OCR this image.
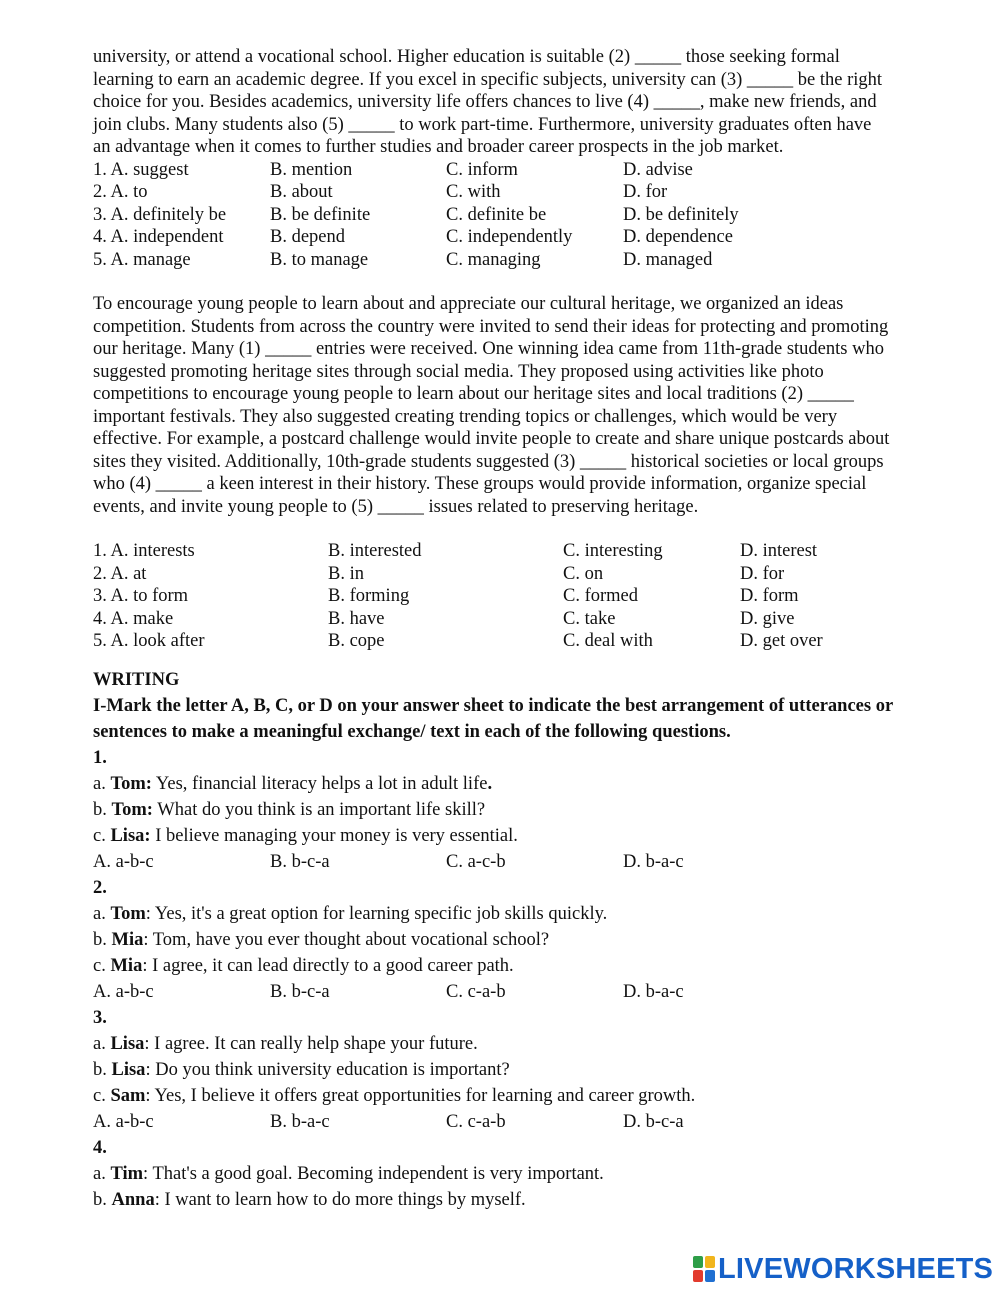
university, or attend a vocational school. Higher education is suitable (2) _____ those seeking formal
learning to earn an academic degree. If you excel in specific subjects, university can (3) _____ be the right
choice for you. Besides academics, university life offers chances to live (4) _____, make new friends, and
join clubs. Many students also (5) _____ to work part-time. Furthermore, university graduates often have
an advantage when it comes to further studies and broader career prospects in the job market.
1. A. suggest	B. mention	C. inform	D. advise
2. A. to	B. about	C. with	D. for
3. A. definitely be	B. be definite	C. definite be	D. be definitely
4. A. independent	B. depend	C. independently	D. dependence
5. A. manage	B. to manage	C. managing	D. managed
To encourage young people to learn about and appreciate our cultural heritage, we organized an ideas
competition. Students from across the country were invited to send their ideas for protecting and promoting
our heritage. Many (1) _____ entries were received. One winning idea came from 11th-grade students who
suggested promoting heritage sites through social media. They proposed using activities like photo
competitions to encourage young people to learn about our heritage sites and local traditions (2) _____
important festivals. They also suggested creating trending topics or challenges, which would be very
effective. For example, a postcard challenge would invite people to create and share unique postcards about
sites they visited. Additionally, 10th-grade students suggested (3) _____ historical societies or local groups
who (4) _____ a keen interest in their history. These groups would provide information, organize special
events, and invite young people to (5) _____ issues related to preserving heritage.
1. A. interests	B. interested	C. interesting	D. interest
2. A. at	B. in	C. on	D. for
3. A. to form	B. forming	C. formed	D. form
4. A. make	B. have	C. take	D. give
5. A. look after	B. cope	C. deal with	D. get over
WRITING
I-Mark the letter A, B, C, or D on your answer sheet to indicate the best arrangement of utterances or sentences to make a meaningful exchange/ text in each of the following questions.
1.
a. Tom: Yes, financial literacy helps a lot in adult life.
b. Tom: What do you think is an important life skill?
c. Lisa: I believe managing your money is very essential.
A. a-b-c	B. b-c-a	C. a-c-b	D. b-a-c
2.
a. Tom: Yes, it's a great option for learning specific job skills quickly.
b. Mia: Tom, have you ever thought about vocational school?
c. Mia: I agree, it can lead directly to a good career path.
A. a-b-c	B. b-c-a	C. c-a-b	D. b-a-c
3.
a. Lisa: I agree. It can really help shape your future.
b. Lisa: Do you think university education is important?
c. Sam: Yes, I believe it offers great opportunities for learning and career growth.
A. a-b-c	B. b-a-c	C. c-a-b	D. b-c-a
4.
a. Tim: That's a good goal. Becoming independent is very important.
b. Anna: I want to learn how to do more things by myself.
LIVEWORKSHEETS
